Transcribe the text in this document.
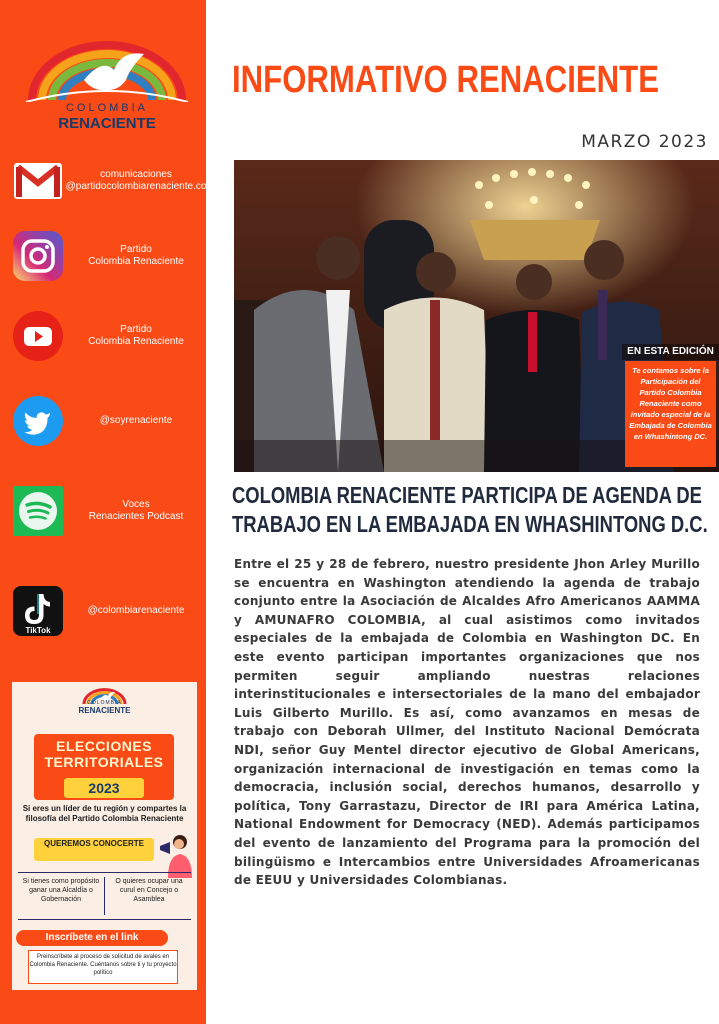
COLOMBIA
RENACIENTE
comunicaciones
@partidocolombiarenaciente.co
Partido
Colombia Renaciente
Partido
Colombia Renaciente
@soyrenaciente
Voces
Renacientes Podcast
TikTok
@colombiarenaciente
COLOMBIA
RENACIENTE
ELECCIONES TERRITORIALES
2023
Si eres un líder de tu región y compartes la filosofía del Partido Colombia Renaciente
QUEREMOS CONOCERTE
Si tienes como propósito ganar una Alcaldía o Gobernación
O quieres ocupar una curul en Concejo o Asamblea
Inscríbete en el link
Preinscríbete al proceso de solicitud de avales en Colombia Renaciente. Cuéntanos sobre ti y tu proyecto político
INFORMATIVO RENACIENTE
MARZO 2023
EN ESTA EDICIÓN
Te contamos sobre la Participación del Partido Colombia Renaciente como invitado especial de la Embajada de Colombia en Whashintong DC.
COLOMBIA RENACIENTE PARTICIPA DE AGENDA DE TRABAJO EN LA EMBAJADA EN WHASHINTONG D.C.
Entre el 25 y 28 de febrero, nuestro presidente Jhon Arley Murillo se encuentra en Washington atendiendo la agenda de trabajo conjunto entre la Asociación de Alcaldes Afro Americanos AAMMA y AMUNAFRO COLOMBIA, al cual asistimos como invitados especiales de la embajada de Colombia en Washington DC. En este evento participan importantes organizaciones que nos permiten seguir ampliando nuestras relaciones interinstitucionales e intersectoriales de la mano del embajador Luis Gilberto Murillo. Es así, como avanzamos en mesas de trabajo con Deborah Ullmer, del Instituto Nacional Demócrata NDI, señor Guy Mentel director ejecutivo de Global Americans, organización internacional de investigación en temas como la democracia, inclusión social, derechos humanos, desarrollo y política, Tony Garrastazu, Director de IRI para América Latina, National Endowment for Democracy (NED). Además participamos del evento de lanzamiento del Programa para la promoción del bilingüismo e Intercambios entre Universidades Afroamericanas de EEUU y Universidades Colombianas.
